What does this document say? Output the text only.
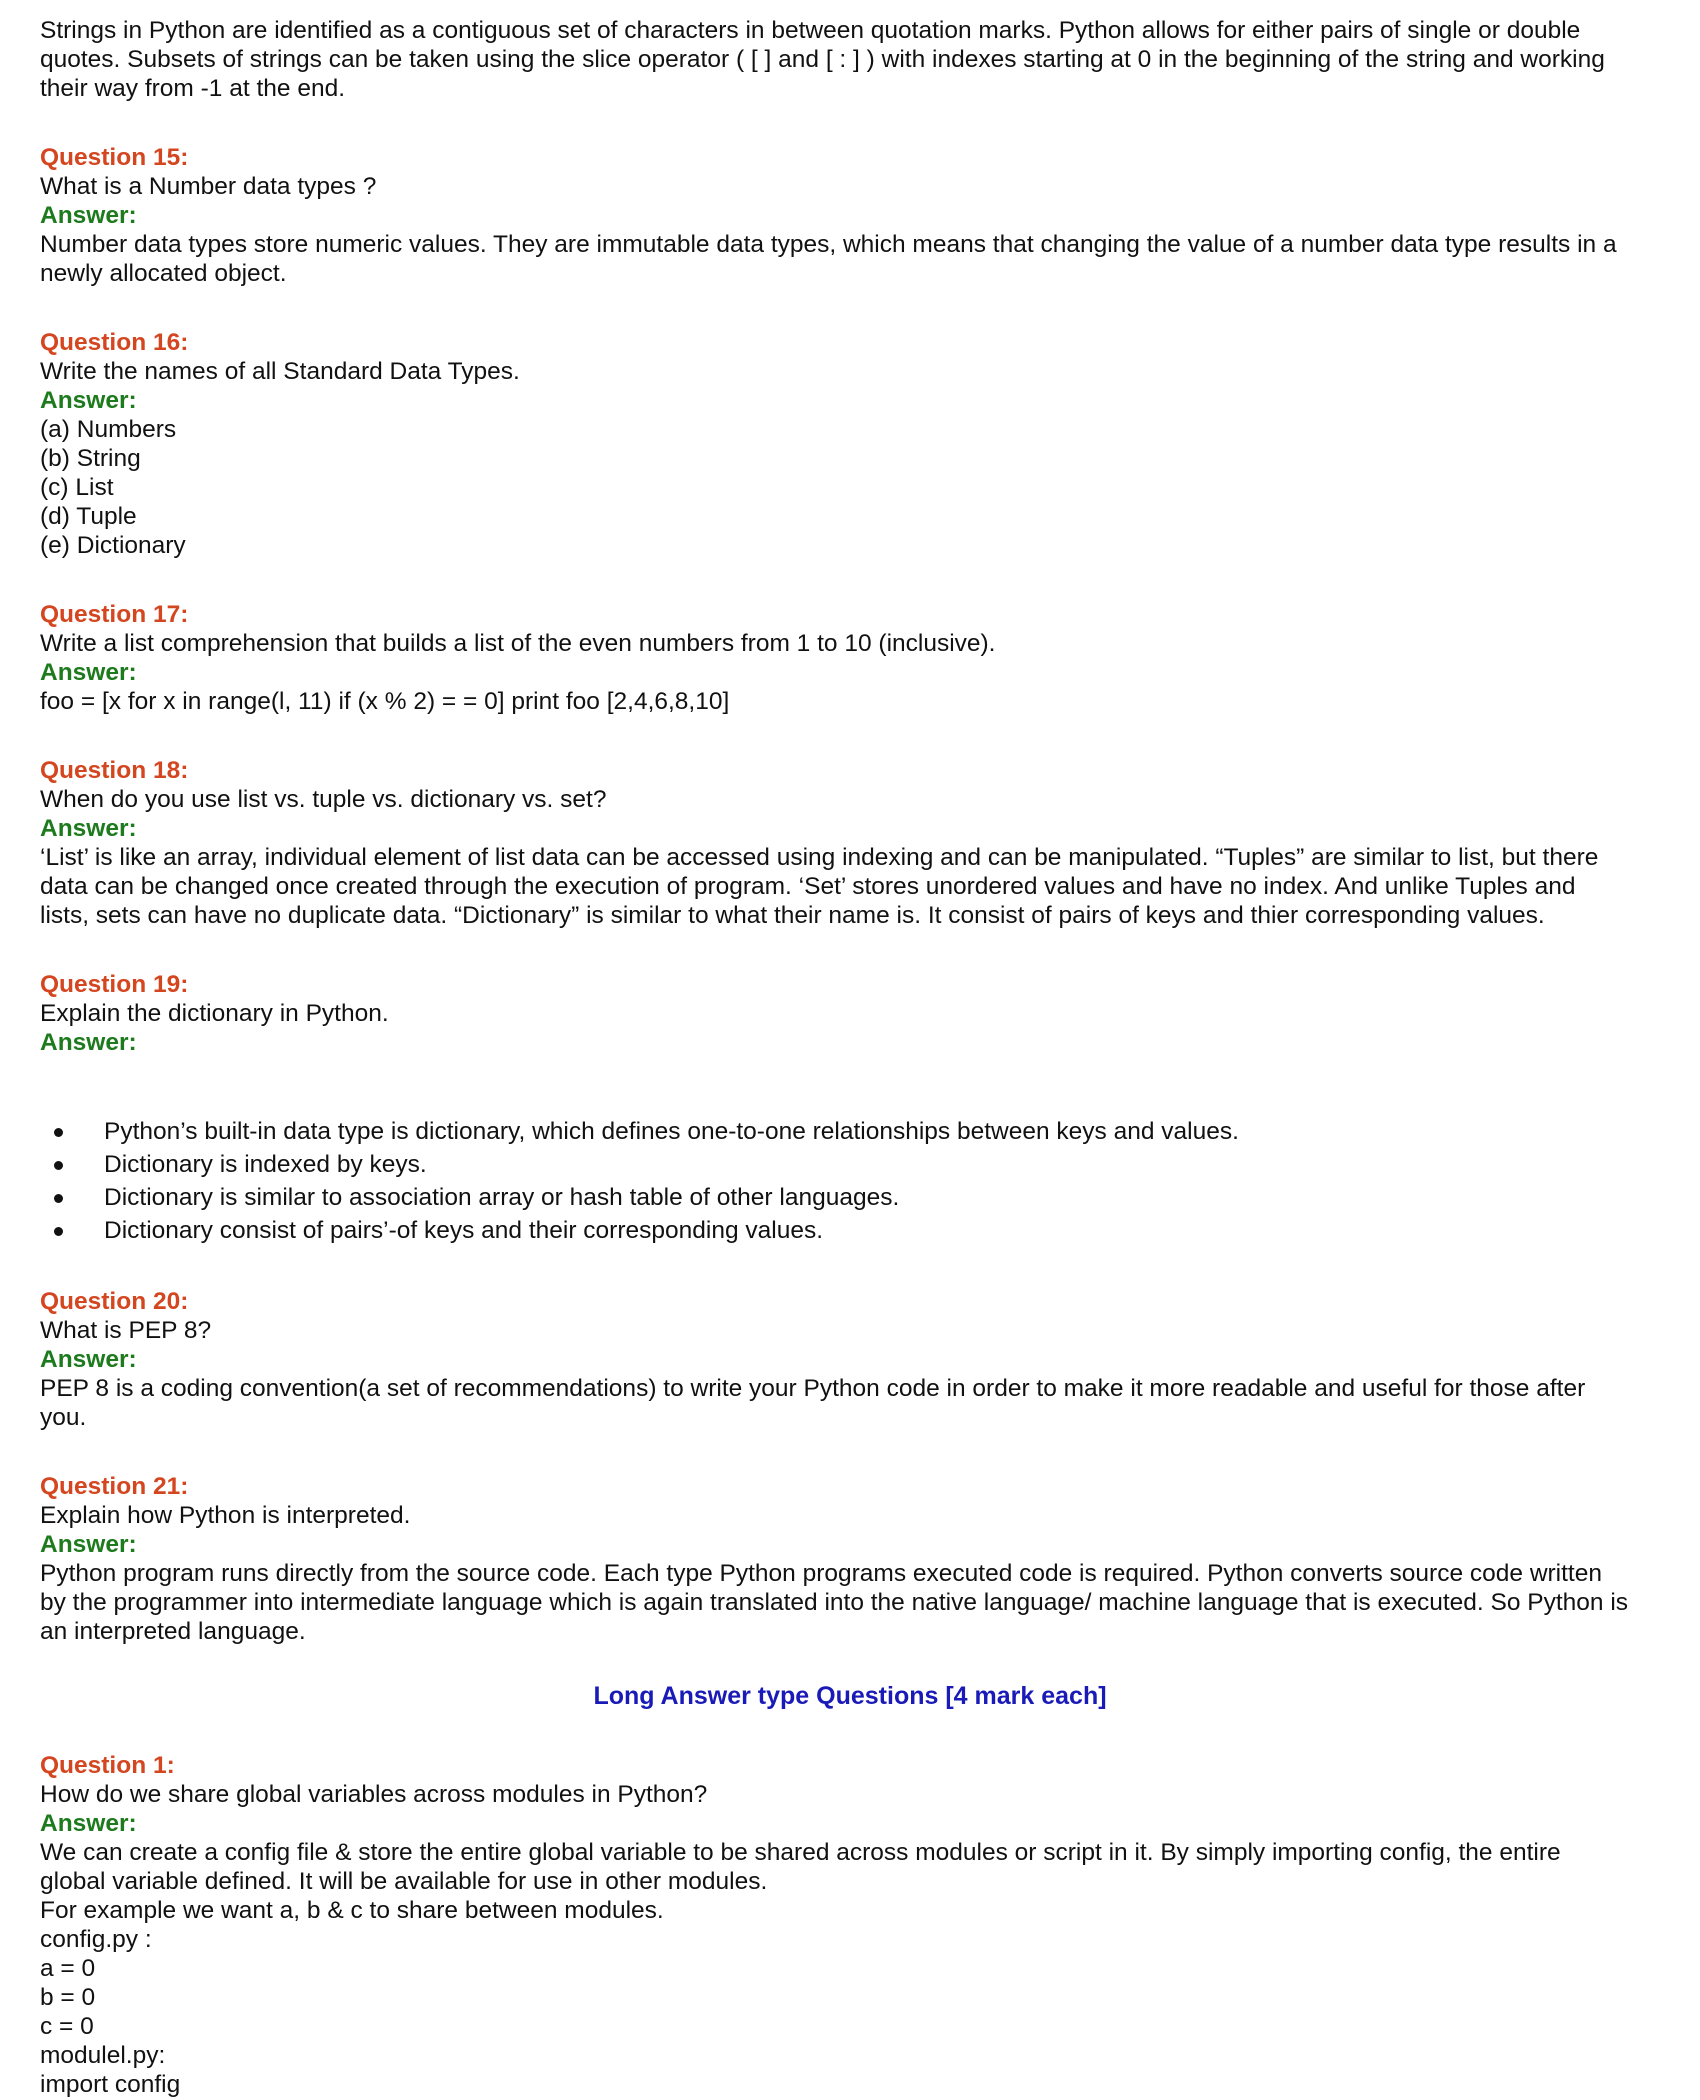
Strings in Python are identified as a contiguous set of characters in between quotation marks. Python allows for either pairs of single or double

quotes. Subsets of strings can be taken using the slice operator ( [ ] and [ : ] ) with indexes starting at 0 in the beginning of the string and working

their way from -1 at the end.

Question 15:

What is a Number data types ?

Answer:

Number data types store numeric values. They are immutable data types, which means that changing the value of a number data type results in a

newly allocated object.

Question 16:

Write the names of all Standard Data Types.

Answer:

(a) Numbers

(b) String

(c) List

(d) Tuple

(e) Dictionary

Question 17:

Write a list comprehension that builds a list of the even numbers from 1 to 10 (inclusive).

Answer:

foo = [x for x in range(l, 11) if (x % 2) = = 0] print foo [2,4,6,8,10]

Question 18:

When do you use list vs. tuple vs. dictionary vs. set?

Answer:

‘List’ is like an array, individual element of list data can be accessed using indexing and can be manipulated. “Tuples” are similar to list, but there

data can be changed once created through the execution of program. ‘Set’ stores unordered values and have no index. And unlike Tuples and

lists, sets can have no duplicate data. “Dictionary” is similar to what their name is. It consist of pairs of keys and thier corresponding values.

Question 19:

Explain the dictionary in Python.

Answer:

Python’s built-in data type is dictionary, which defines one-to-one relationships between keys and values.
Dictionary is indexed by keys.
Dictionary is similar to association array or hash table of other languages.
Dictionary consist of pairs’-of keys and their corresponding values.

Question 20:

What is PEP 8?

Answer:

PEP 8 is a coding convention(a set of recommendations) to write your Python code in order to make it more readable and useful for those after

you.

Question 21:

Explain how Python is interpreted.

Answer:

Python program runs directly from the source code. Each type Python programs executed code is required. Python converts source code written

by the programmer into intermediate language which is again translated into the native language/ machine language that is executed. So Python is

an interpreted language.

Long Answer type Questions [4 mark each]

Question 1:

How do we share global variables across modules in Python?

Answer:

We can create a config file & store the entire global variable to be shared across modules or script in it. By simply importing config, the entire

global variable defined. It will be available for use in other modules.

For example we want a, b & c to share between modules.

config.py :

a = 0

b = 0

c = 0

modulel.py:

import config
